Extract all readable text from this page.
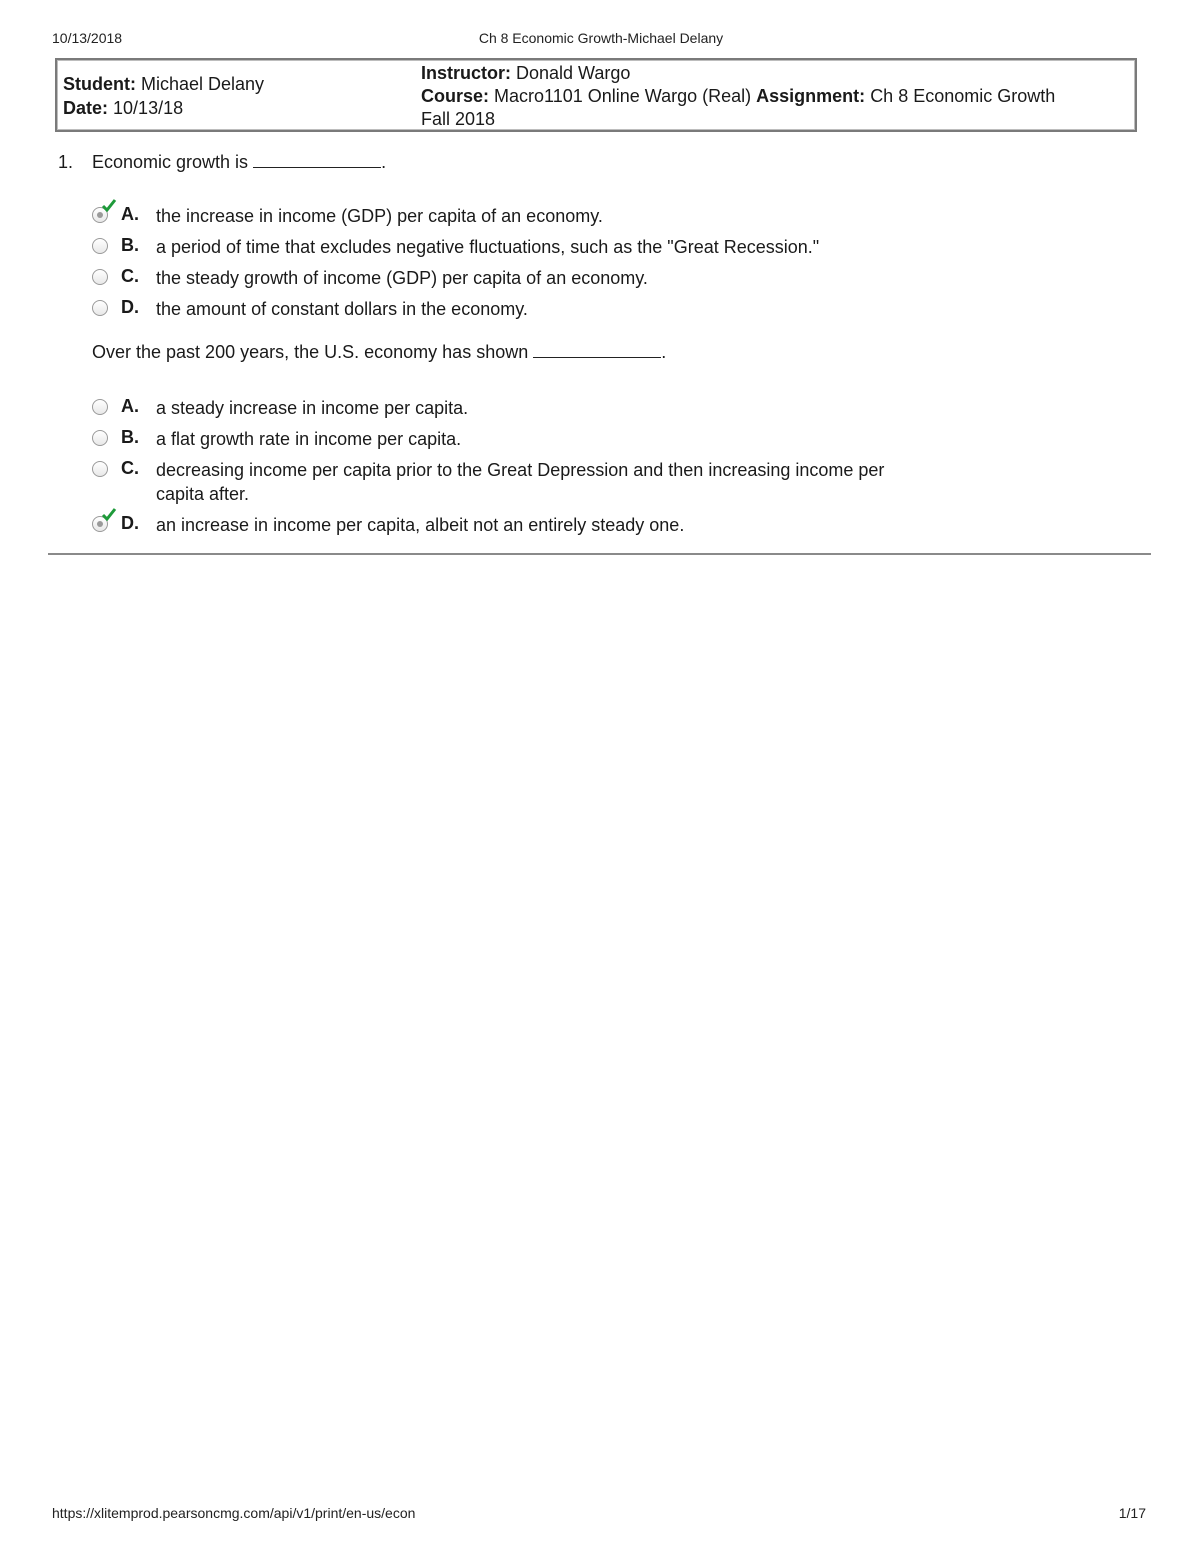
10/13/2018	Ch 8 Economic Growth-Michael Delany
Student: Michael Delany
Date: 10/13/18
Instructor: Donald Wargo
Course: Macro1101 Online Wargo (Real) Assignment: Ch 8 Economic Growth
Fall 2018
1. Economic growth is	.
A. the increase in income (GDP) per capita of an economy.
B. a period of time that excludes negative fluctuations, such as the "Great Recession."
C. the steady growth of income (GDP) per capita of an economy.
D. the amount of constant dollars in the economy.
Over the past 200 years, the U.S. economy has shown	.
A. a steady increase in income per capita.
B. a flat growth rate in income per capita.
C. decreasing income per capita prior to the Great Depression and then increasing income per
capita after.
D. an increase in income per capita, albeit not an entirely steady one.
https://xlitemprod.pearsoncmg.com/api/v1/print/en-us/econ	1/17
